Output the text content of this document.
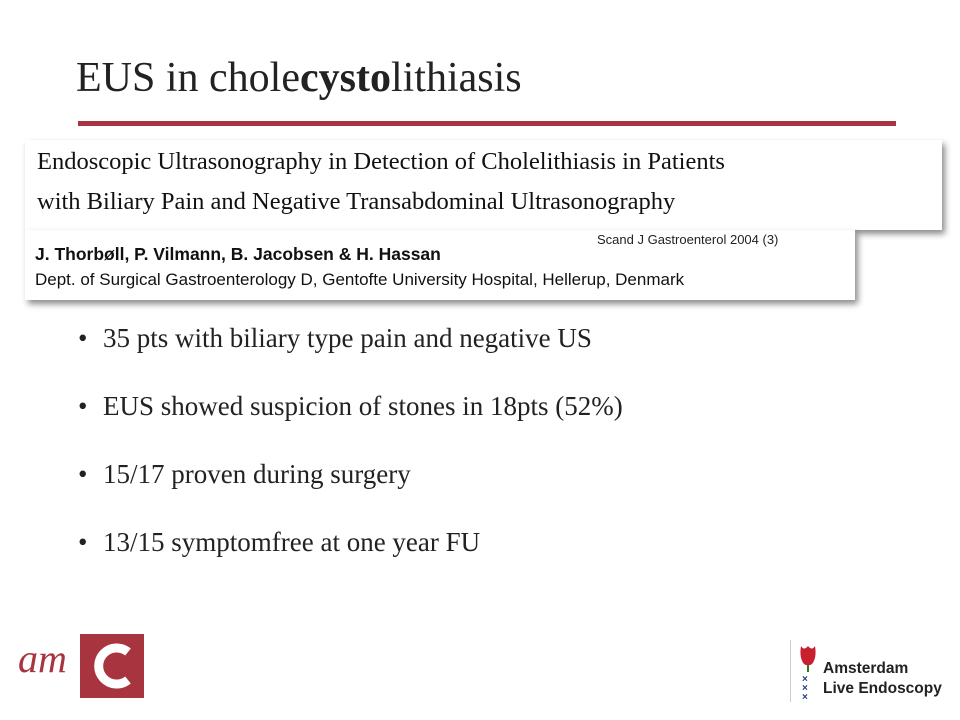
EUS in cholecystolithiasis
Endoscopic Ultrasonography in Detection of Cholelithiasis in Patients
with Biliary Pain and Negative Transabdominal Ultrasonography
Scand J Gastroenterol 2004 (3)
J. Thorbøll, P. Vilmann, B. Jacobsen & H. Hassan
Dept. of Surgical Gastroenterology D, Gentofte University Hospital, Hellerup, Denmark
• 35 pts with biliary type pain and negative US
• EUS showed suspicion of stones in 18pts (52%)
• 15/17 proven during surgery
• 13/15 symptomfree at one year FU
am	×
×
×
Amsterdam
Live Endoscopy
